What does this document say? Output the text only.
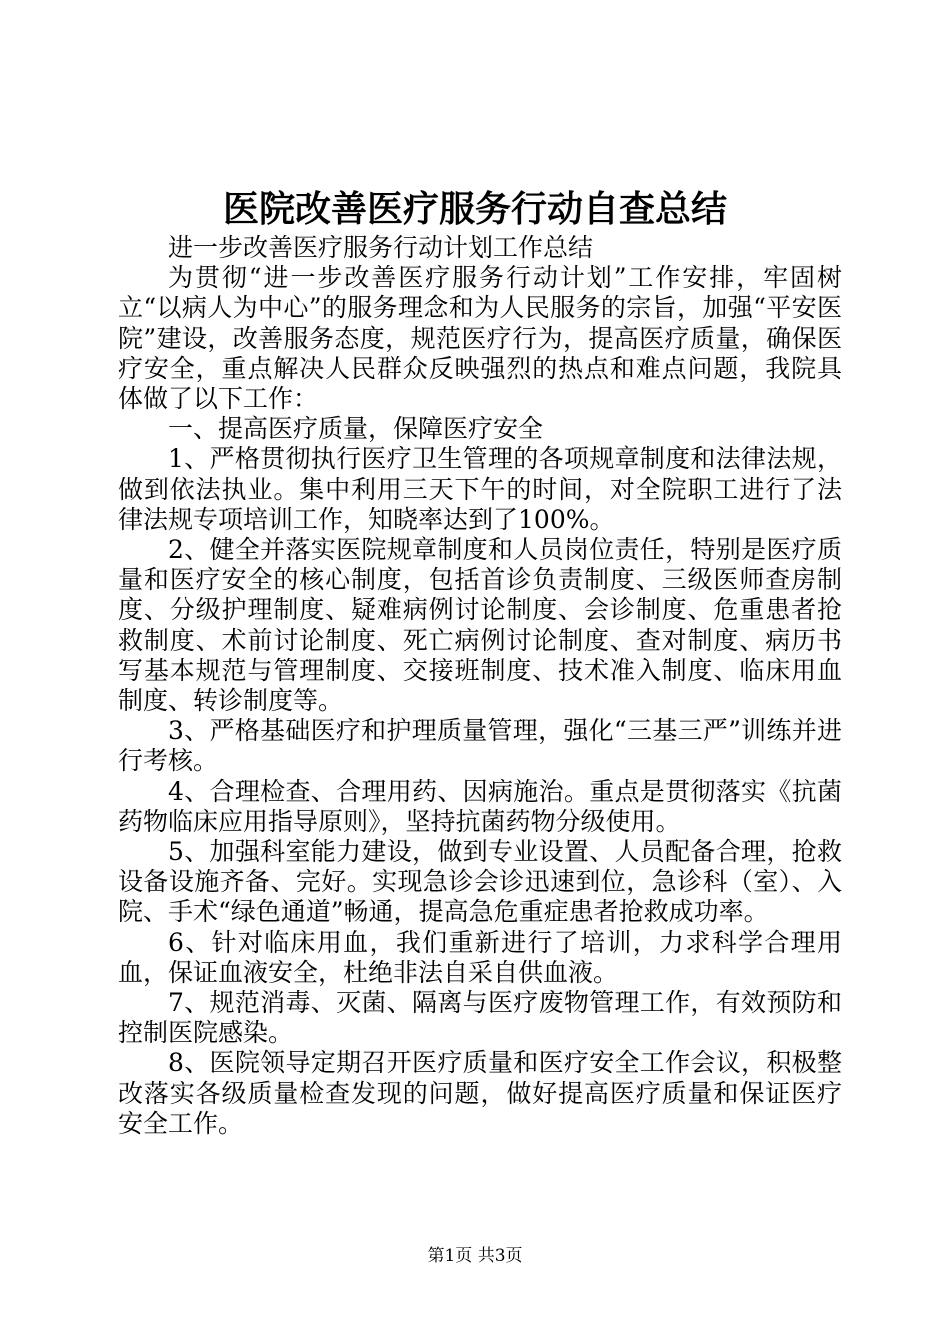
医院改善医疗服务行动自查总结

进一步改善医疗服务行动计划工作总结

为贯彻“进一步改善医疗服务行动计划”工作安排，牢固树立“以病人为中心”的服务理念和为人民服务的宗旨，加强“平安医院”建设，改善服务态度，规范医疗行为，提高医疗质量，确保医疗安全，重点解决人民群众反映强烈的热点和难点问题，我院具体做了以下工作：

一、提高医疗质量，保障医疗安全

1、严格贯彻执行医疗卫生管理的各项规章制度和法律法规，做到依法执业。集中利用三天下午的时间，对全院职工进行了法律法规专项培训工作，知晓率达到了100%。

2、健全并落实医院规章制度和人员岗位责任，特别是医疗质量和医疗安全的核心制度，包括首诊负责制度、三级医师查房制度、分级护理制度、疑难病例讨论制度、会诊制度、危重患者抢救制度、术前讨论制度、死亡病例讨论制度、查对制度、病历书写基本规范与管理制度、交接班制度、技术准入制度、临床用血制度、转诊制度等。

3、严格基础医疗和护理质量管理，强化“三基三严”训练并进行考核。

4、合理检查、合理用药、因病施治。重点是贯彻落实《抗菌药物临床应用指导原则》，坚持抗菌药物分级使用。

5、加强科室能力建设，做到专业设置、人员配备合理，抢救设备设施齐备、完好。实现急诊会诊迅速到位，急诊科（室）、入院、手术“绿色通道”畅通，提高急危重症患者抢救成功率。

6、针对临床用血，我们重新进行了培训，力求科学合理用血，保证血液安全，杜绝非法自采自供血液。

7、规范消毒、灭菌、隔离与医疗废物管理工作，有效预防和控制医院感染。

8、医院领导定期召开医疗质量和医疗安全工作会议，积极整改落实各级质量检查发现的问题，做好提高医疗质量和保证医疗安全工作。

第1页 共3页
